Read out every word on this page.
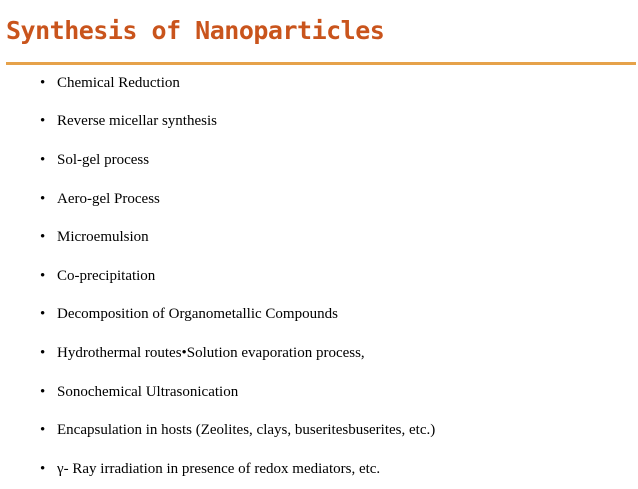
Synthesis of Nanoparticles
• Chemical Reduction
• Reverse micellar synthesis
• Sol-gel process
• Aero-gel Process
• Microemulsion
• Co-precipitation
• Decomposition of Organometallic Compounds
• Hydrothermal routes•Solution evaporation process,
• Sonochemical Ultrasonication
• Encapsulation in hosts (Zeolites, clays, buseritesbuserites, etc.)
• γ- Ray irradiation in presence of redox mediators, etc.
